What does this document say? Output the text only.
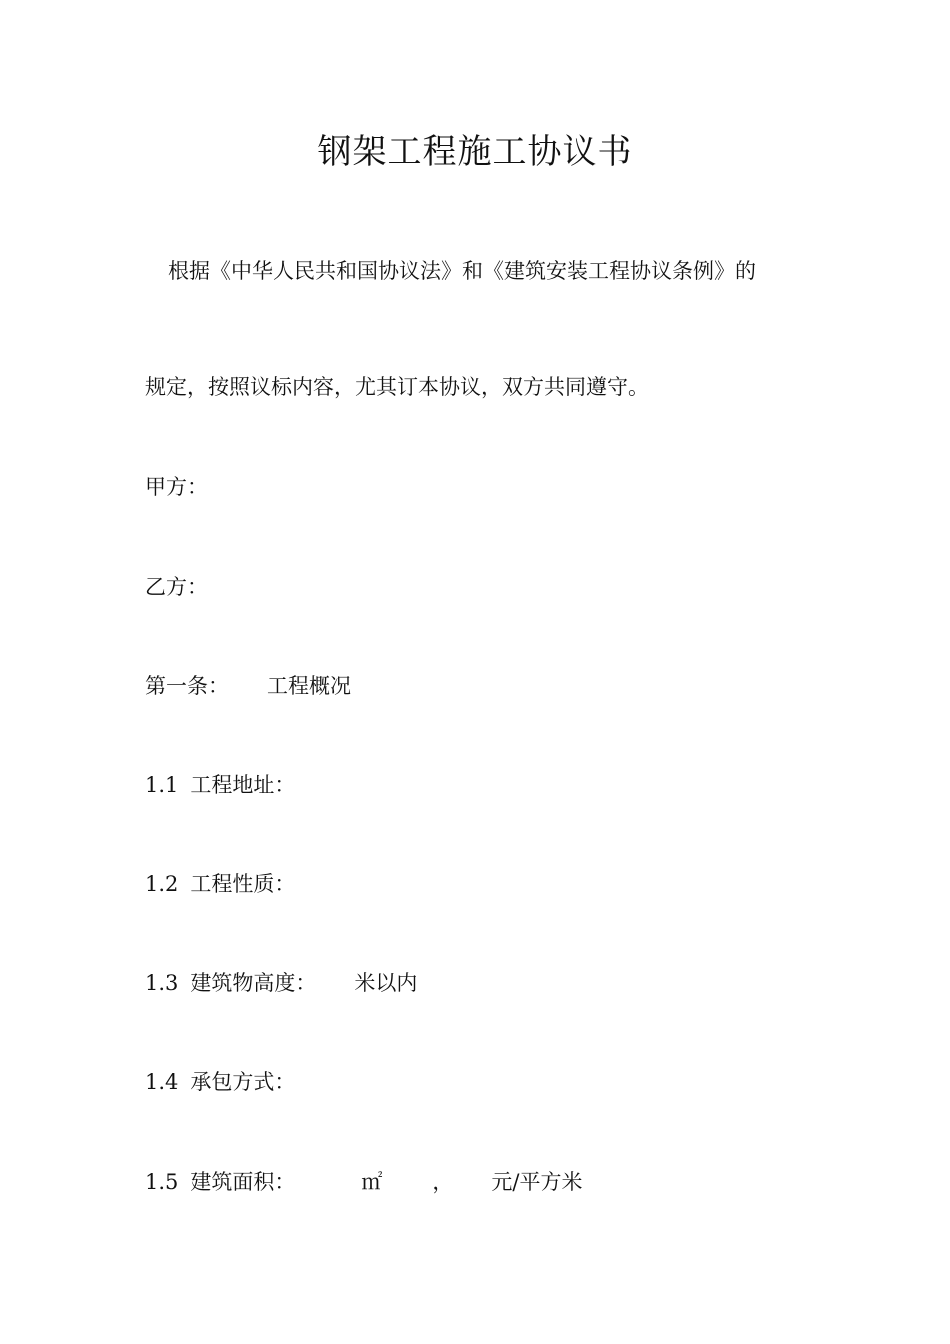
钢架工程施工协议书
根据《中华人民共和国协议法》和《建筑安装工程协议条例》的
规定，按照议标内容，尤其订本协议，双方共同遵守。
甲方：
乙方：
第一条： 工程概况
1.1 工程地址：
1.2 工程性质：
1.3 建筑物高度： 米以内
1.4 承包方式：
1.5 建筑面积：	㎡ ， 元/平方米
